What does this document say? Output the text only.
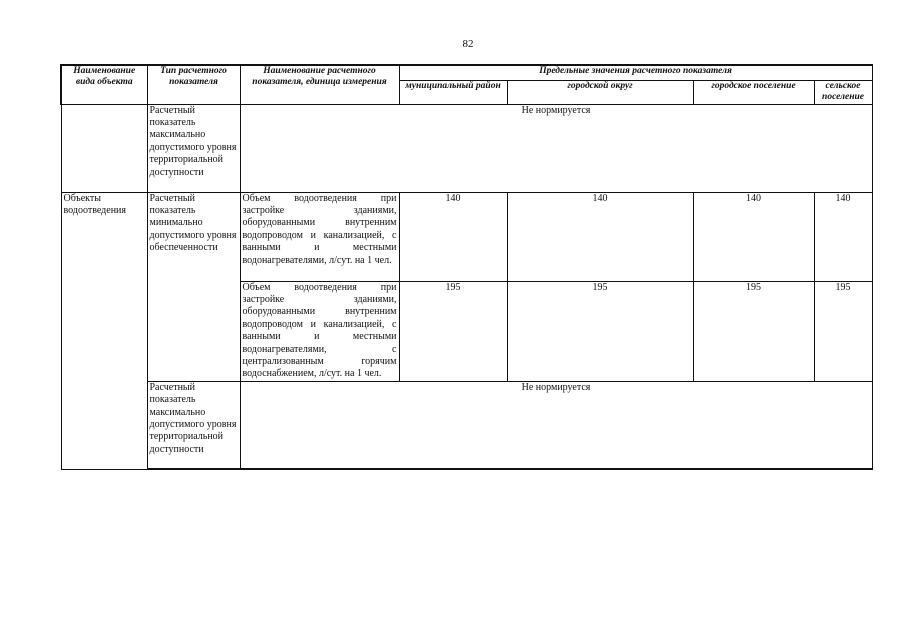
82
Наименование вида объекта	Тип расчетного показателя	Наименование расчетного показателя, единица измерения	Предельные значения расчетного показателя			
			муниципальный район	городской округ	городское поселение	сельское поселение
	Расчетный показатель максимально допустимого уровня территориальной доступности	Не нормируется				
Объекты водоотведения	Расчетный показатель минимально допустимого уровня обеспеченности	Объем водоотведения при застройке зданиями, оборудованными внутренним водопроводом и канализацией, с ванными и местными водонагревателями, л/сут. на 1 чел.	140	140	140	140
		Объем водоотведения при застройке зданиями, оборудованными внутренним водопроводом и канализацией, с ванными и местными водонагревателями, с централизованным горячим водоснабжением, л/сут. на 1 чел.	195	195	195	195
	Расчетный показатель максимально допустимого уровня территориальной доступности	Не нормируется				
